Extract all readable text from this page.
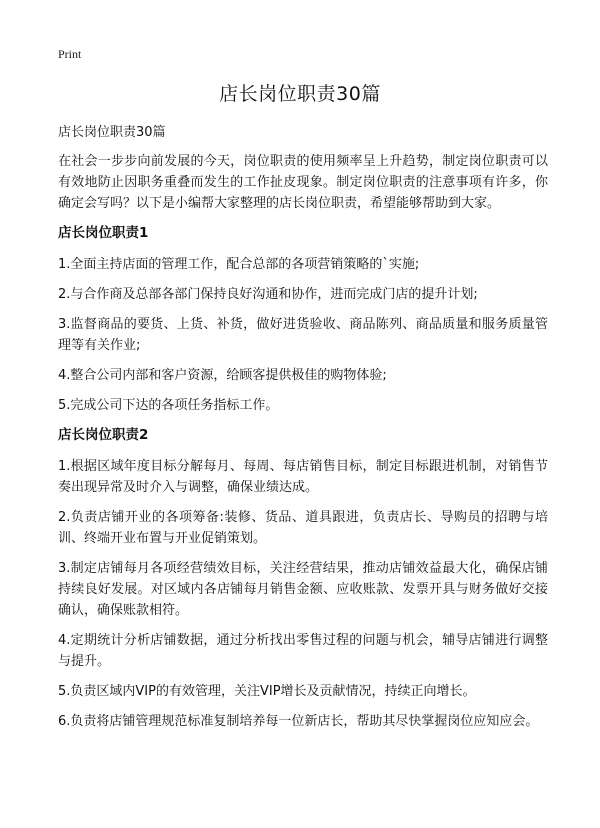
Print
店长岗位职责30篇

店长岗位职责30篇

在社会一步步向前发展的今天，岗位职责的使用频率呈上升趋势，制定岗位职责可以有效地防止因职务重叠而发生的工作扯皮现象。制定岗位职责的注意事项有许多，你确定会写吗？以下是小编帮大家整理的店长岗位职责，希望能够帮助到大家。

店长岗位职责1

1.全面主持店面的管理工作，配合总部的各项营销策略的`实施;

2.与合作商及总部各部门保持良好沟通和协作，进而完成门店的提升计划;

3.监督商品的要货、上货、补货，做好进货验收、商品陈列、商品质量和服务质量管理等有关作业;

4.整合公司内部和客户资源，给顾客提供极佳的购物体验;

5.完成公司下达的各项任务指标工作。

店长岗位职责2

1.根据区域年度目标分解每月、每周、每店销售目标，制定目标跟进机制，对销售节奏出现异常及时介入与调整，确保业绩达成。

2.负责店铺开业的各项筹备:装修、货品、道具跟进，负责店长、导购员的招聘与培训、终端开业布置与开业促销策划。

3.制定店铺每月各项经营绩效目标，关注经营结果，推动店铺效益最大化，确保店铺持续良好发展。对区域内各店铺每月销售金额、应收账款、发票开具与财务做好交接确认，确保账款相符。

4.定期统计分析店铺数据，通过分析找出零售过程的问题与机会，辅导店铺进行调整与提升。

5.负责区域内VIP的有效管理，关注VIP增长及贡献情况，持续正向增长。

6.负责将店铺管理规范标准复制培养每一位新店长，帮助其尽快掌握岗位应知应会。
